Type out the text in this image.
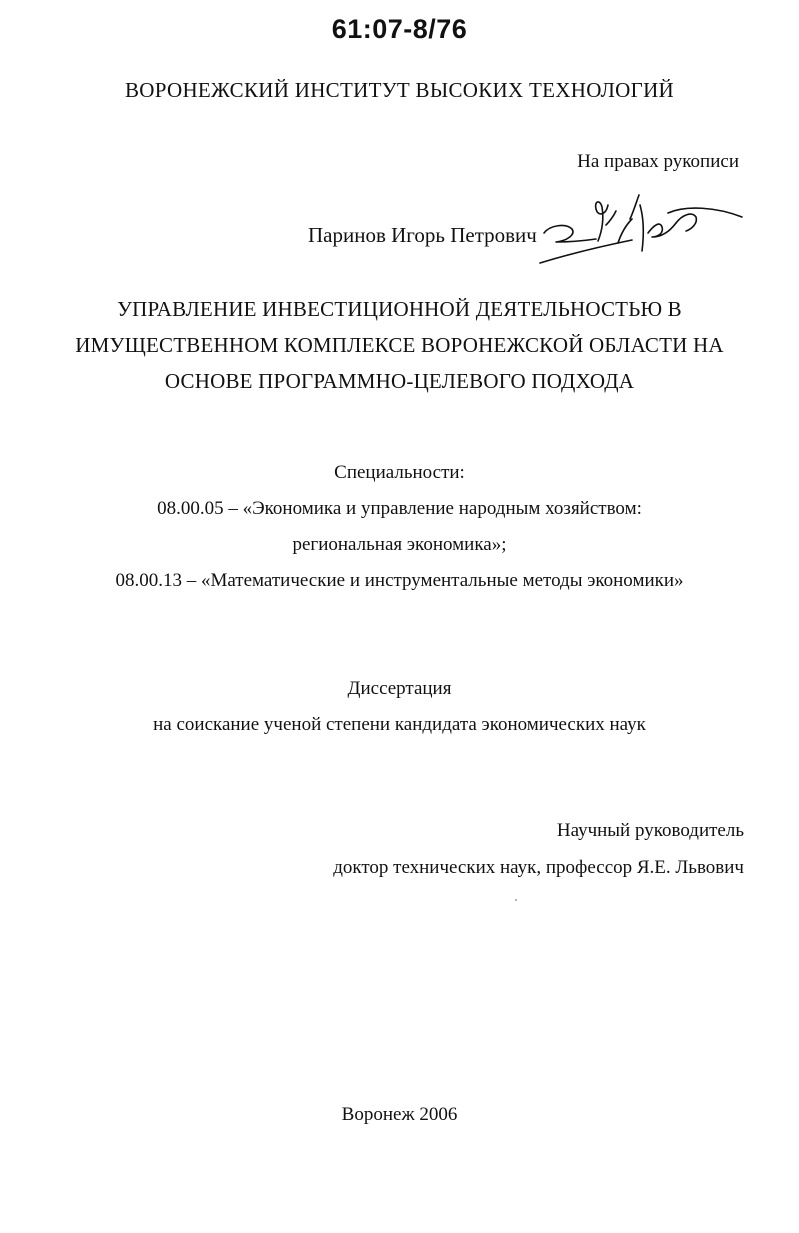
61:07-8/76
ВОРОНЕЖСКИЙ ИНСТИТУТ ВЫСОКИХ ТЕХНОЛОГИЙ
На правах рукописи
Паринов Игорь Петрович
УПРАВЛЕНИЕ ИНВЕСТИЦИОННОЙ ДЕЯТЕЛЬНОСТЬЮ В
ИМУЩЕСТВЕННОМ КОМПЛЕКСЕ ВОРОНЕЖСКОЙ ОБЛАСТИ НА
ОСНОВЕ ПРОГРАММНО-ЦЕЛЕВОГО ПОДХОДА
Специальности:
08.00.05 – «Экономика и управление народным хозяйством:
региональная экономика»;
08.00.13 – «Математические и инструментальные методы экономики»
Диссертация
на соискание ученой степени кандидата экономических наук
Научный руководитель
доктор технических наук, профессор Я.Е. Львович
Воронеж 2006
